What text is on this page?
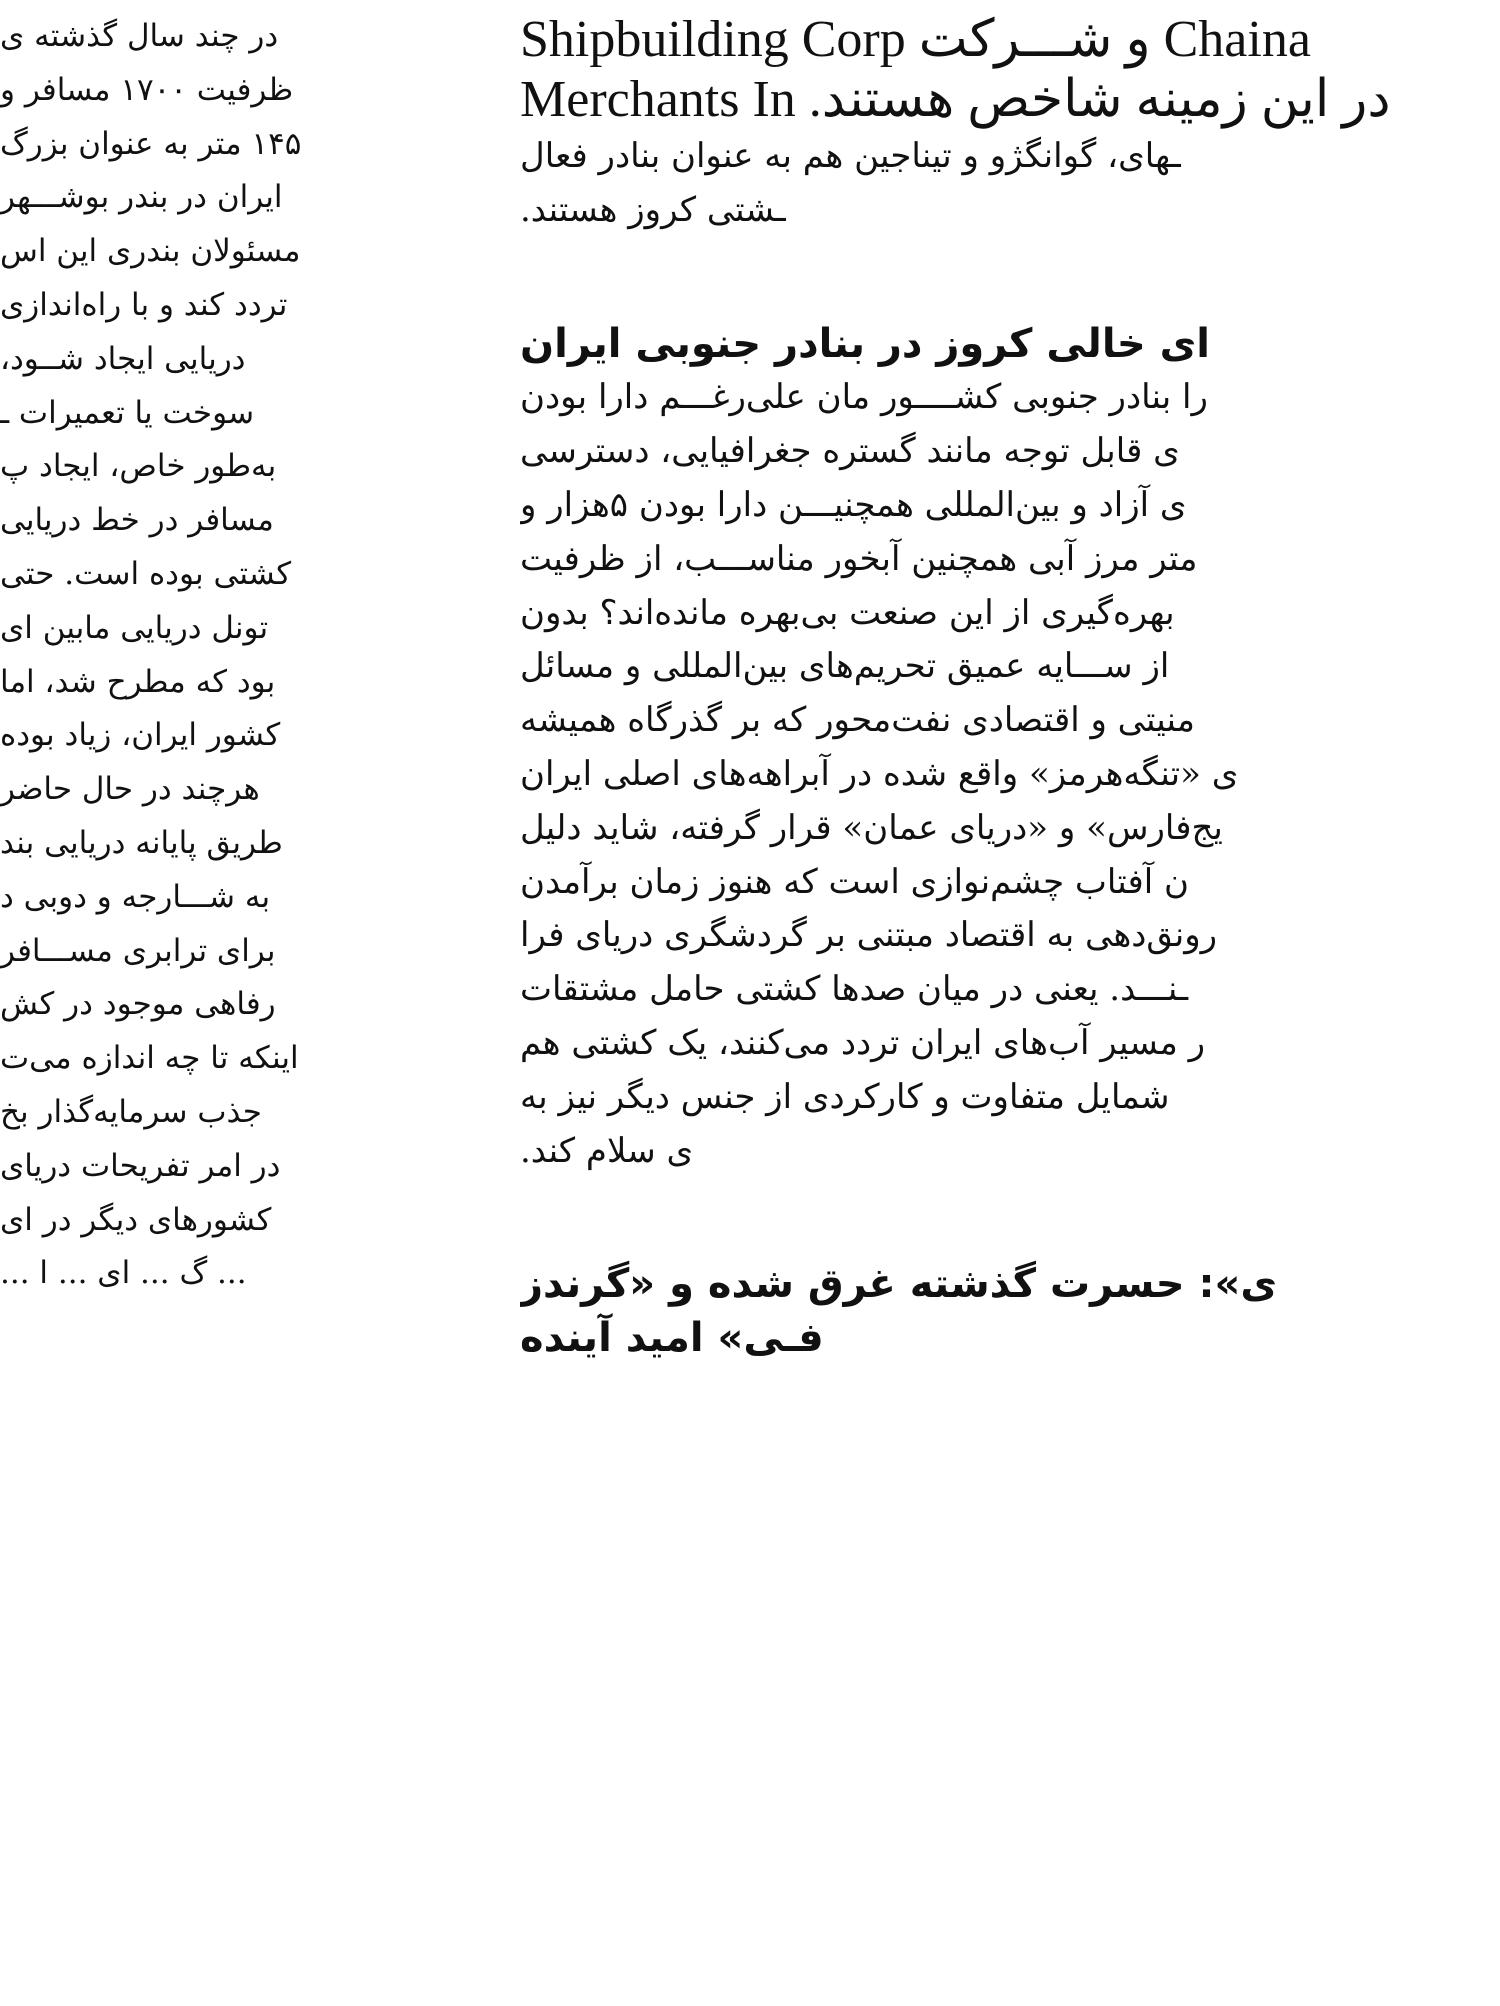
در چند سال گذشته ی
ظرفیت ۱۷۰۰ مسافر و
۱۴۵ متر به عنوان بزرگ
ایران در بندر بوشـــهر
مسئولان بندری این اس
تردد کند و با راه‌اندازی
دریایی ایجاد شــود،
سوخت یا تعمیرات ـ
به‌طور خاص، ایجاد پ
مسافر در خط دریایی
کشتی بوده است. حتی
تونل دریایی مابین ای
بود که مطرح شد، اما
کشور ایران، زیاد بوده
هرچند در حال حاضر
طریق پایانه دریایی بند
به شـــارجه و دوبی د
برای ترابری مســـافر
رفاهی موجود در کش
اینکه تا چه اندازه می‌ت
جذب سرمایه‌گذار بخ
در امر تفریحات دریای
کشورهای دیگر در ای
... گ ... ای ... ا ...
Chaina و شـــرکت Shipbuilding Corp
در این زمینه شاخص هستند. Merchants In
ـهای، گوانگژو و تیناجین هم به عنوان بنادر فعال
ـشتی کروز هستند.
ای خالی کروز در بنادر جنوبی ایران
را بنادر جنوبی کشــــور مان علی‌رغـــم دارا بودن
ی قابل توجه مانند گستره جغرافیایی، دسترسی
ی آزاد و بین‌المللی همچنیـــن دارا بودن ۵هزار و
متر مرز آبی همچنین آبخور مناســـب، از ظرفیت
بهره‌گیری از این صنعت بی‌بهره مانده‌اند؟ بدون
از ســـایه عمیق تحریم‌های بین‌المللی و مسائل
منیتی و اقتصادی نفت‌محور که بر گذرگاه همیشه
ی «تنگه‌هرمز» واقع شده در آبراهه‌های اصلی ایران
یج‌فارس» و «دریای عمان» قرار گرفته، شاید دلیل
ن آفتاب چشم‌نوازی است که هنوز زمان برآمدن
رونق‌دهی به اقتصاد مبتنی بر گردشگری دریای فرا
ـنـــد. یعنی در میان صدها کشتی حامل مشتقات
ر مسیر آب‌های ایران تردد می‌کنند، یک کشتی هم
شمایل متفاوت و کارکردی از جنس دیگر نیز به
ی سلام کند.
ی»: حسرت گذشته غرق شده و «گرندز
فـی» امید آینده
